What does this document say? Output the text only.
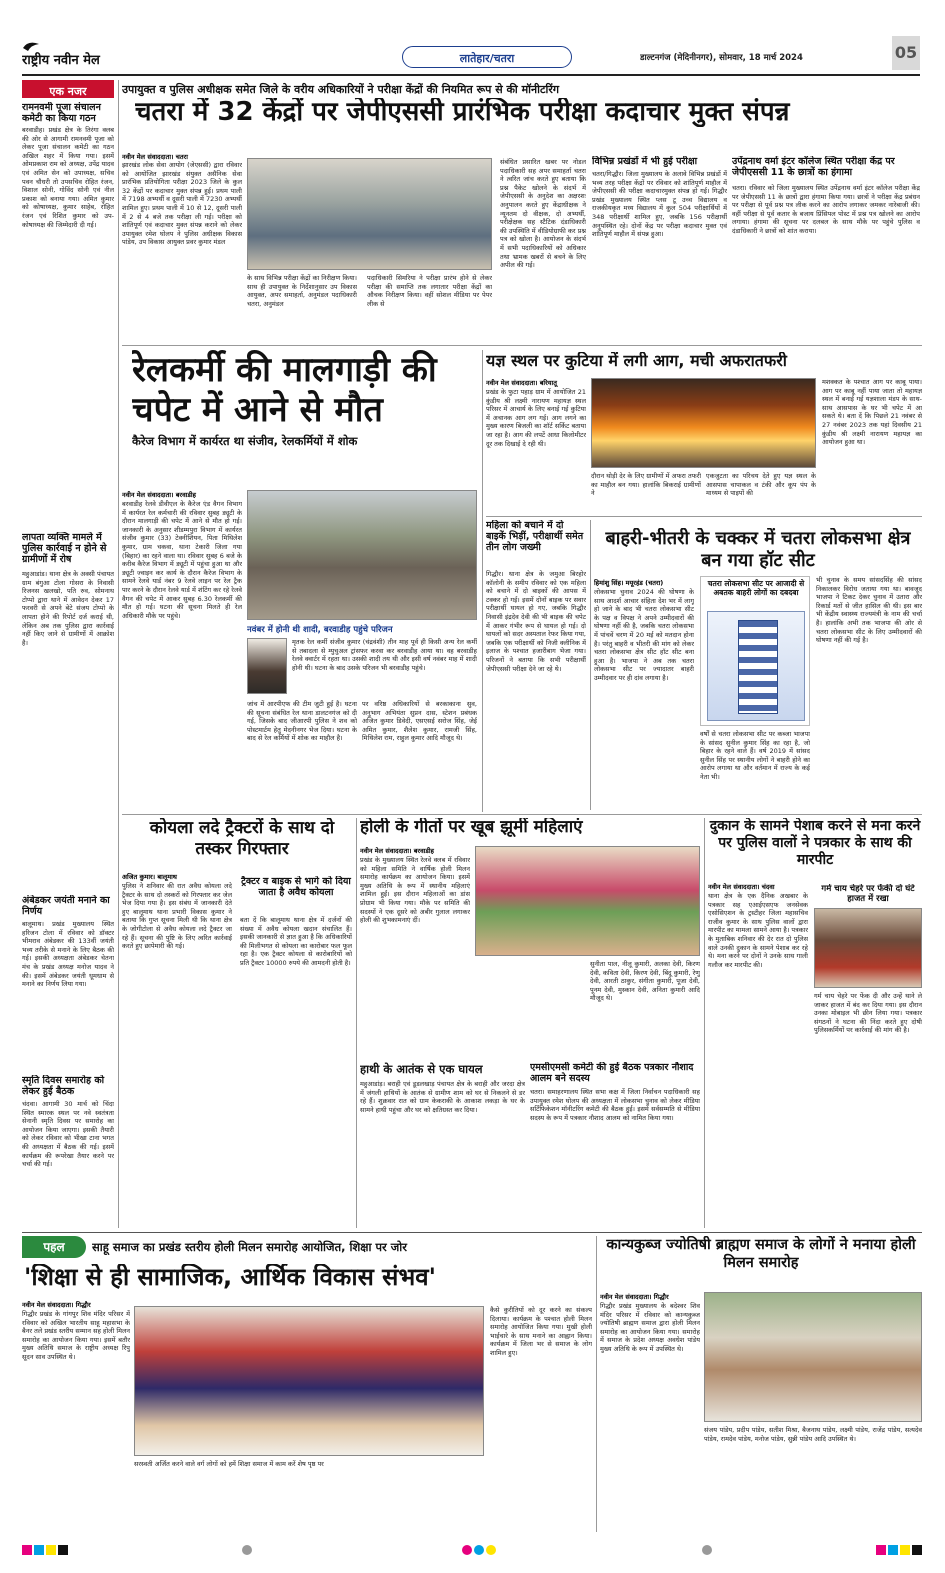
राष्ट्रीय नवीन मेल	लातेहार/चतरा	डाल्टनगंज (मेदिनीनगर), सोमवार, 18 मार्च 2024	05
एक नजर
रामनवमी पूजा संचालन कमेटी का किया गठन
बरवाडीह। प्रखंड क्षेत्र के तिरंगा क्लब की ओर से आगामी रामनवमी पूजा को लेकर पूजा संचालन कमेटी का गठन अखिल शहर में किया गया। इसमें ओमप्रकाश राम को अध्यक्ष, उपेंद्र यादव एवं अमित सेन को उपाध्यक्ष, सचिव पवन चौधरी तो उपसचिव रोहित रंजन, विशाल सोनी, गोविंद सोनी एवं नील प्रकाश को बनाया गया। अमित कुमार को कोषाध्यक्ष, कुमार साहेब, रोहित रंजन एवं रिशित कुमार को उप-कोषाध्यक्ष की जिम्मेदारी दी गई।
लापता व्यक्ति मामले में पुलिस कार्रवाई न होने से ग्रामीणों में रोष
महुआडांड। थाना क्षेत्र के अक्सी पंचायत ग्राम बंगुआ टोला गोसरा के निवासी रिजनस खलखो, पति रुव, सोमनाथ टोप्पो द्वारा थाने में आवेदन देकर 17 फरवरी से अपने बेटे संजय टोप्पो के लापता होने की रिपोर्ट दर्ज कराई थी, लेकिन अब तक पुलिस द्वारा कार्रवाई नहीं किए जाने से ग्रामीणों में आक्रोश है।
अंबेडकर जयंती मनाने का निर्णय
बालूमाथ। प्रखंड मुख्यालय स्थित हरिजन टोला में रविवार को डॉक्टर भीमराव अंबेडकर की 133वीं जयंती भव्य तरीके से मनाने के लिए बैठक की गई। इसकी अध्यक्षता अंबेडकर चेतना मंच के प्रखंड अध्यक्ष मनोज यादव ने की। इसमें अंबेडकर जयंती धूमधाम से मनाने का निर्णय लिया गया।
स्मृति दिवस समारोह को लेकर हुई बैठक
चंदवा। आगामी 30 मार्च को चिंदा स्थित स्मारक स्थल पर नवे स्वतंत्रता सेनानी स्मृति दिवस पर समारोह का आयोजन किया जाएगा। इसकी तैयारी को लेकर रविवार को भीखा टाना भगत की अध्यक्षता में बैठक की गई। इसमें कार्यक्रम की रूपरेखा तैयार करने पर चर्चा की गई।
उपायुक्त व पुलिस अधीक्षक समेत जिले के वरीय अधिकारियों ने परीक्षा केंद्रों की नियमित रूप से की मॉनीटरिंग
चतरा में 32 केंद्रों पर जेपीएससी प्रारंभिक परीक्षा कदाचार मुक्त संपन्न
नवीन मेल संवाददाता। चतरा
झारखंड लोक सेवा आयोग (जेएससी) द्वारा रविवार को आयोजित झारखंड संयुक्त असैनिक सेवा प्रारंभिक प्रतियोगिता परीक्षा 2023 जिले के कुल 32 केंद्रों पर कदाचार मुक्त संपन्न हुई। प्रथम पाली में 7198 अभ्यर्थी व दूसरी पाली में 7230 अभ्यर्थी शामिल हुए। प्रथम पाली में 10 से 12, दूसरी पाली में 2 से 4 बजे तक परीक्षा ली गई। परीक्षा को शांतिपूर्ण एवं कदाचार मुक्त संपन्न कराने को लेकर उपायुक्त रमेश घोलप ने पुलिस अधीक्षक विकास पांडेय, उप विकास आयुक्त प्रवर कुमार मंडल
के साथ विभिन्न परीक्षा केंद्रों का निरीक्षण किया। साथ ही उपायुक्त के निर्देशानुसार उप विकास आयुक्त, अपर समाहर्ता, अनुमंडल पदाधिकारी चतरा, अनुमंडल
पदाधिकारी सिमरिया ने परीक्षा प्रारंभ होने से लेकर परीक्षा की समाप्ति तक लगातार परीक्षा केंद्रों का औचक निरीक्षण किया। वहीं सोशल मीडिया पर पेपर लीक से
संबंधित प्रसारित खबर पर नोडल पदाधिकारी सह अपर समाहर्ता चतरा ने त्वरित जांच करते हुए बताया कि प्रश्न पैकेट खोलने के संदर्भ में जेपीएससी के अनुदेश का अक्षरशः अनुपालन करते हुए केंद्राधीक्षक ने न्यूनतम दो वीक्षक, दो अभ्यर्थी, परीक्षेक्षक सह स्टैटिक दंडाधिकारी की उपस्थिति में वीडियोग्राफी कर प्रश्न पत्र को खोला है। आयोजन के संदर्भ में सभी पदाधिकारियों को अधिकार तथा भ्रामक खबरों से बचने के लिए अपील की गई।
विभिन्न प्रखंडों में भी हुई परीक्षा
चतरा/गिद्धौर। जिला मुख्यालय के अलावे विभिन्न प्रखंडों में भव्य तरह परीक्षा केंद्रों पर रविवार को शांतिपूर्ण माहौल में जेपीएससी की परीक्षा कदाचारमुक्त संपन्न हो गई। गिद्धौर प्रखंड मुख्यालय स्थित प्लस टू उच्च विद्यालय व राजकीयकृत मध्य विद्यालय में कुल 504 परीक्षार्थियों में 348 परीक्षार्थी शामिल हुए, जबकि 156 परीक्षार्थी अनुपस्थित रहे। दोनों केंद्र पर परीक्षा कदाचार मुक्त एवं शांतिपूर्ण माहौल में संपन्न हुआ।
उपेंद्रनाथ वर्मा इंटर कॉलेज स्थित परीक्षा केंद्र पर जेपीएससी 11 के छात्रों का हंगामा
चतरा। रविवार को जिला मुख्यालय स्थित उपेंद्रनाथ वर्मा इंटर कॉलेज परीक्षा केंद्र पर जेपीएससी 11 के छात्रों द्वारा हंगामा किया गया। छात्रों ने परीक्षा केंद्र प्रबंधन पर परीक्षा से पूर्व प्रश्न पत्र लीक करने का आरोप लगाकर जमकर नारेबाजी की। वहीं परीक्षा से पूर्व कतार के बजाय प्रिंसिपल पोस्ट में प्रश्न पत्र खोलने का आरोप लगाया। हंगामा की सूचना पर दलबल के साथ मौके पर पहुंचे पुलिस व दंडाधिकारी ने छात्रों को शांत कराया।
रेलकर्मी की मालगाड़ी की चपेट में आने से मौत
कैरेज विभाग में कार्यरत था संजीव, रेलकर्मियों में शोक
नवीन मेल संवाददाता। बरवाडीह
बरवाडीह रेलवे डीवीएल के कैरेज एंड वैगन विभाग में कार्यरत रेल कर्मचारी की रविवार सुबह ड्यूटी के दौरान मालगाड़ी की चपेट में आने से मौत हो गई। जानकारी के अनुसार शीडम्मपुरा विभाग में कार्यरत संजीव कुमार (33) टेक्नीशियन, पिता मिथिलेश कुमार, ग्राम चकवा, थाना टेकारी जिला गया (बिहार) का रहने वाला था। रविवार सुबह 6 बजे के करीब कैरेज विभाग में ड्यूटी में पहुंचा हुआ था और ड्यूटी ज्वाइन कर कार्य के दौरान कैरेज विभाग के सामने रेलवे यार्ड नंबर 9 रेलवे लाइन पर रेल ट्रैक पार करने के दौरान रेलवे यार्ड में शंटिंग कर रहे रेलवे वैगन की चपेट में आकर सुबह 6.30 रेलकर्मी की मौत हो गई। घटना की सूचना मिलते ही रेल अधिकारी मौके पर पहुंचे।
नवंबर में होनी थी शादी, बरवाडीह पहुंचे परिजन
मृतक रेल कर्मी संजीव कुमार (चंद्रवंशी) तीन माह पूर्व ही किसी अन्य रेल कर्मी से तबादला से म्युचुअल ट्रांसफर करवा कर बरवाडीह आया था। वह बरवाडीह रेलवे क्वार्टर में रहता था। उसकी शादी तय थी और इसी वर्ष नवंबर माह में शादी होनी थी। घटना के बाद उसके परिजन भी बरवाडीह पहुंचे।
जांच में आरपीएफ की टीम जुटी हुई है। घटना की सूचना संबंधित रेल थाना डालटनगंज को दी गई, जिसके बाद जीआरपी पुलिस ने शव को पोस्टमार्टम हेतु मेदनीनगर भेज दिया। घटना के बाद से रेल कर्मियों में शोक का माहौल है।
पर वरिष्ठ अधिकारियों से बरकाकाना सुव, अनुभाग अभियंता सुप्रन दास, स्टेशन प्रबंधक अजित कुमार डिवेदी, एसएसई सरोज सिंह, जेई अमित कुमार, शैलेश कुमार, रामजी सिंह, मिथिलेश राम, राहुल कुमार आदि मौजूद थे।
यज्ञ स्थल पर कुटिया में लगी आग, मची अफरातफरी
नवीन मेल संवाददाता। बरियातू
प्रखंड के फुटा पहाड़ ग्राम में आयोजित 21 कुंडीय श्री लक्ष्मी नारायण महायज्ञ स्थल परिसर में आचार्य के लिए बनाई गई कुटिया में अचानक आग लग गई। आग लगने का मुख्य कारण बिजली का शॉर्ट सर्किट बताया जा रहा है। आग की लपटें आधा किलोमीटर दूर तक दिखाई दे रही थी।
दौरान थोड़ी देर के लिए ग्रामीणों में अफरा तफरी का माहौल बन गया। हालांकि बिकराई ग्रामीणों ने
एकजुटता का परिचय देते हुए यज्ञ स्थल के आसपास चापाकल व टंकी और कूप पंप के माध्यम से पाइपों की
मशक्कत के पश्चात आग पर काबू पाया। आग पर काबू नहीं पाया जाता तो महायज्ञ स्थल में बनाई गई यज्ञशाला मंडप के साथ-साथ आसपास के घर भी चपेट में आ सकते थे। बता दें कि पिछले 21 नवंबर से 27 नवंबर 2023 तक यहां दिवसीय 21 कुंडीय श्री लक्ष्मी नारायण महायज्ञ का आयोजन हुआ था।
महिला को बचाने में दो बाइकें भिड़ीं, परीक्षार्थी समेत तीन लोग जख्मी
गिद्धौर। थाना क्षेत्र के जमुआ बिरहोर कॉलोनी के समीप रविवार को एक महिला को बचाने में दो बाइकों की आपस में टक्कर हो गई। इसमें दोनों बाइक पर सवार परीक्षार्थी घायल हो गए, जबकि गिद्धौर निवासी इंद्रदेव देवी की भी बाइक की चपेट में आकर गंभीर रूप से घायल हो गई। दो घायलों को सदर अस्पताल रेफर किया गया, जबकि एक परीक्षार्थी को निजी क्लीनिक में इलाज के पश्चात हजारीबाग भेजा गया। परिजनों ने बताया कि सभी परीक्षार्थी जेपीएससी परीक्षा देने जा रहे थे।
बाहरी-भीतरी के चक्कर में चतरा लोकसभा क्षेत्र बन गया हॉट सीट
हिमांशु सिंह। मयूरहंड (चतरा)
लोकसभा चुनाव 2024 की घोषणा के साथ आदर्श आचार संहिता देश भर में लागू हो जाने के बाद भी चतरा लोकसभा सीट के पक्ष व विपक्ष ने अपने उम्मीदवारों की घोषणा नहीं की है, जबकि चतरा लोकसभा में पांचवें चरण में 20 मई को मतदान होना है। परंतु बाहरी व भीतरी की मांग को लेकर चतरा लोकसभा क्षेत्र सीट हॉट सीट बना हुआ है। भाजपा ने अब तक चतरा लोकसभा सीट पर ज्यादातर बाहरी उम्मीदवार पर ही दांव लगाया है।
चतरा लोकसभा सीट पर आजादी से अबतक बाहरी लोगों का दबदबा
वर्षों से चतरा लोकसभा सीट पर कब्जा भाजपा के सांसद सुनील कुमार सिंह का रहा है, जो बिहार के रहने वाले हैं। वर्ष 2019 में सांसद सुनील सिंह पर स्थानीय लोगों ने बाहरी होने का आरोप लगाया था और वर्तमान में राज्य के कई नेता भी।
भी चुनाव के समय सांसदसिंह की सांसद निकालकर विरोध जताया गया था। बावजूद भाजपा ने टिकट देकर चुनाव में उतारा और रिकार्ड मतों से जीत हासिल की थी। इस बार भी केंद्रीय स्वास्थ्य राज्यमंत्री के नाम की चर्चा है। हालांकि अभी तक भाजपा की ओर से चतरा लोकसभा सीट के लिए उम्मीदवारों की घोषणा नहीं की गई है।
कोयला लदे ट्रैक्टरों के साथ दो तस्कर गिरफ्तार
अजित कुमार। बालूमाथ
पुलिस ने शनिवार की रात अवैध कोयला लदे ट्रैक्टर के साथ दो तस्करों को गिरफ्तार कर जेल भेज दिया गया है। इस संबंध में जानकारी देते हुए बालूमाथ थाना प्रभारी विकास कुमार ने बताया कि गुप्त सूचना मिली थी कि थाना क्षेत्र के जोगीटोला से अवैध कोयला लदे ट्रैक्टर जा रहे हैं। सूचना की पुष्टि के लिए त्वरित कार्रवाई करते हुए छापेमारी की गई।
ट्रैक्टर व बाइक से भागे को दिया जाता है अवैध कोयला
बता दें कि बालूमाथ थाना क्षेत्र में दर्जनों की संख्या में अवैध कोयला खदान संचालित हैं। इसकी जानकारी से ज्ञात हुआ है कि अधिकारियों की मिलीभगत से कोयला का कारोबार फल फूल रहा है। एक ट्रैक्टर कोयला से कारोबारियों को प्रति ट्रैक्टर 10000 रुपये की आमदनी होती है।
होली के गीतों पर खूब झूमीं महिलाएं
नवीन मेल संवाददाता। बरवाडीह
प्रखंड के मुख्यालय स्थित रेलवे क्लब में रविवार को महिला समिति ने वार्षिक होली मिलन समारोह कार्यक्रम का आयोजन किया। इसमें मुख्य अतिथि के रूप में स्थानीय महिलाएं शामिल हुईं। इस दौरान महिलाओं का डांस प्रोग्राम भी किया गया। मौके पर समिति की सदस्यों ने एक दूसरे को अबीर गुलाल लगाकर होली की शुभकामनाएं दीं।
सुनीता पाल, नीलू कुमारी, अलका देवी, किरण देवी, कविता देवी, किरण देवी, बिंदू कुमारी, रेणु देवी, आरती ठाकुर, संगीता कुमारी, पूजा देवी, पूनम देवी, मुस्कान देवी, अनिता कुमारी आदि मौजूद थे।
हाथी के आतंक से एक घायल
महुआडांड़। बराही एवं डूडलखाड़ पंचायत क्षेत्र के बराही और जरदा क्षेत्र में जंगली हाथियों के आतंक से ग्रामीण शाम को घर से निकलने से डर रहे हैं। शुक्रवार रात को ग्राम केकराकी के आकाश लकड़ा के घर के सामने हाथी पहुंचा और घर को क्षतिग्रस्त कर दिया।
एमसीएमसी कमेटी की हुई बैठक पत्रकार नौशाद आलम बने सदस्य
चतरा। समाहरणालय स्थित सभा कक्ष में जिला निर्वाचन पदाधिकारी सह उपायुक्त रमेश घोलप की अध्यक्षता में लोकसभा चुनाव को लेकर मीडिया सर्टिफिकेशन मॉनीटरिंग कमेटी की बैठक हुई। इसमें सर्वसम्मति से मीडिया सदस्य के रूप में पत्रकार नौशाद आलम को नामित किया गया।
दुकान के सामने पेशाब करने से मना करने पर पुलिस वालों ने पत्रकार के साथ की मारपीट
नवीन मेल संवाददाता। चंदवा
थाना क्षेत्र के एक दैनिक अखबार के पत्रकार सह एआईएसएफ जनसेवक एसोसिएशन के ट्रस्टीहर जिला महासचिव राजीव कुमार के साथ पुलिस वालों द्वारा मारपीट का मामला सामने आया है। पत्रकार के मुताबिक शनिवार की देर रात दो पुलिस वाले उनकी दुकान के सामने पेशाब कर रहे थे। मना करने पर दोनों ने उनके साथ गाली गलौज कर मारपीट की।
गर्म चाय चेहरे पर फेंकी दो घंटे हाजत में रखा
गर्म चाय चेहरे पर फेंक दी और उन्हें थाने ले जाकर हाजत में बंद कर दिया गया। इस दौरान उनका मोबाइल भी छीन लिया गया। पत्रकार संगठनों ने घटना की निंदा करते हुए दोषी पुलिसकर्मियों पर कार्रवाई की मांग की है।
पहल	साहू समाज का प्रखंड स्तरीय होली मिलन समारोह आयोजित, शिक्षा पर जोर
'शिक्षा से ही सामाजिक, आर्थिक विकास संभव'
नवीन मेल संवाददाता। गिद्धौर
गिद्धौर प्रखंड के गांगपुर शिव मंदिर परिसर में रविवार को अखिल भारतीय साहू महासभा के बैनर तले प्रखंड स्तरीय सम्मान सह होली मिलन समारोह का आयोजन किया गया। इसमें बतौर मुख्य अतिथि समाज के राष्ट्रीय अध्यक्ष रिपु सूदन साव उपस्थित थे।
सरस्वती अर्जित करने वाले वर्ग लोगों को हमें शिक्षा समाज में काम करें शेष पृष्ठ पर
कैसे कुरीतियों को दूर करने का संकल्प दिलाया। कार्यक्रम के पश्चात होली मिलन समारोह आयोजित किया गया। मुखी होली भाईचारे के साथ मनाने का आह्वान किया। कार्यक्रम में जिला भर से समाज के लोग शामिल हुए।
कान्यकुब्ज ज्योतिषी ब्राह्मण समाज के लोगों ने मनाया होली मिलन समारोह
नवीन मेल संवाददाता। गिद्धौर
गिद्धौर प्रखंड मुख्यालय के बदेश्वर शिव मंदिर परिसर में रविवार को कान्यकुब्ज ज्योतिषी ब्राह्मण समाज द्वारा होली मिलन समारोह का आयोजन किया गया। समारोह में समाज के प्रदेश अध्यक्ष अवधेश पांडेय मुख्य अतिथि के रूप में उपस्थित थे।
संजय पांडेय, प्रदीप पांडेय, सतीश मिश्रा, बैजनाथ पांडेय, लक्ष्मी पांडेय, राजेंद्र पांडेय, सत्यदेव पांडेय, रामदेव पांडेय, मनोज पांडेय, सुन्नी पांडेय आदि उपस्थित थे।
